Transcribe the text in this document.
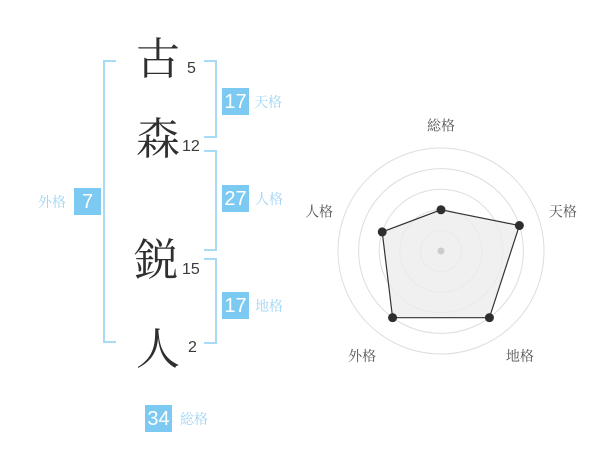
古 5
森 12
鋭 15
人 2
17 天格
27 人格
17 地格
外格 7
34 総格
総格
天格
地格
外格
人格
